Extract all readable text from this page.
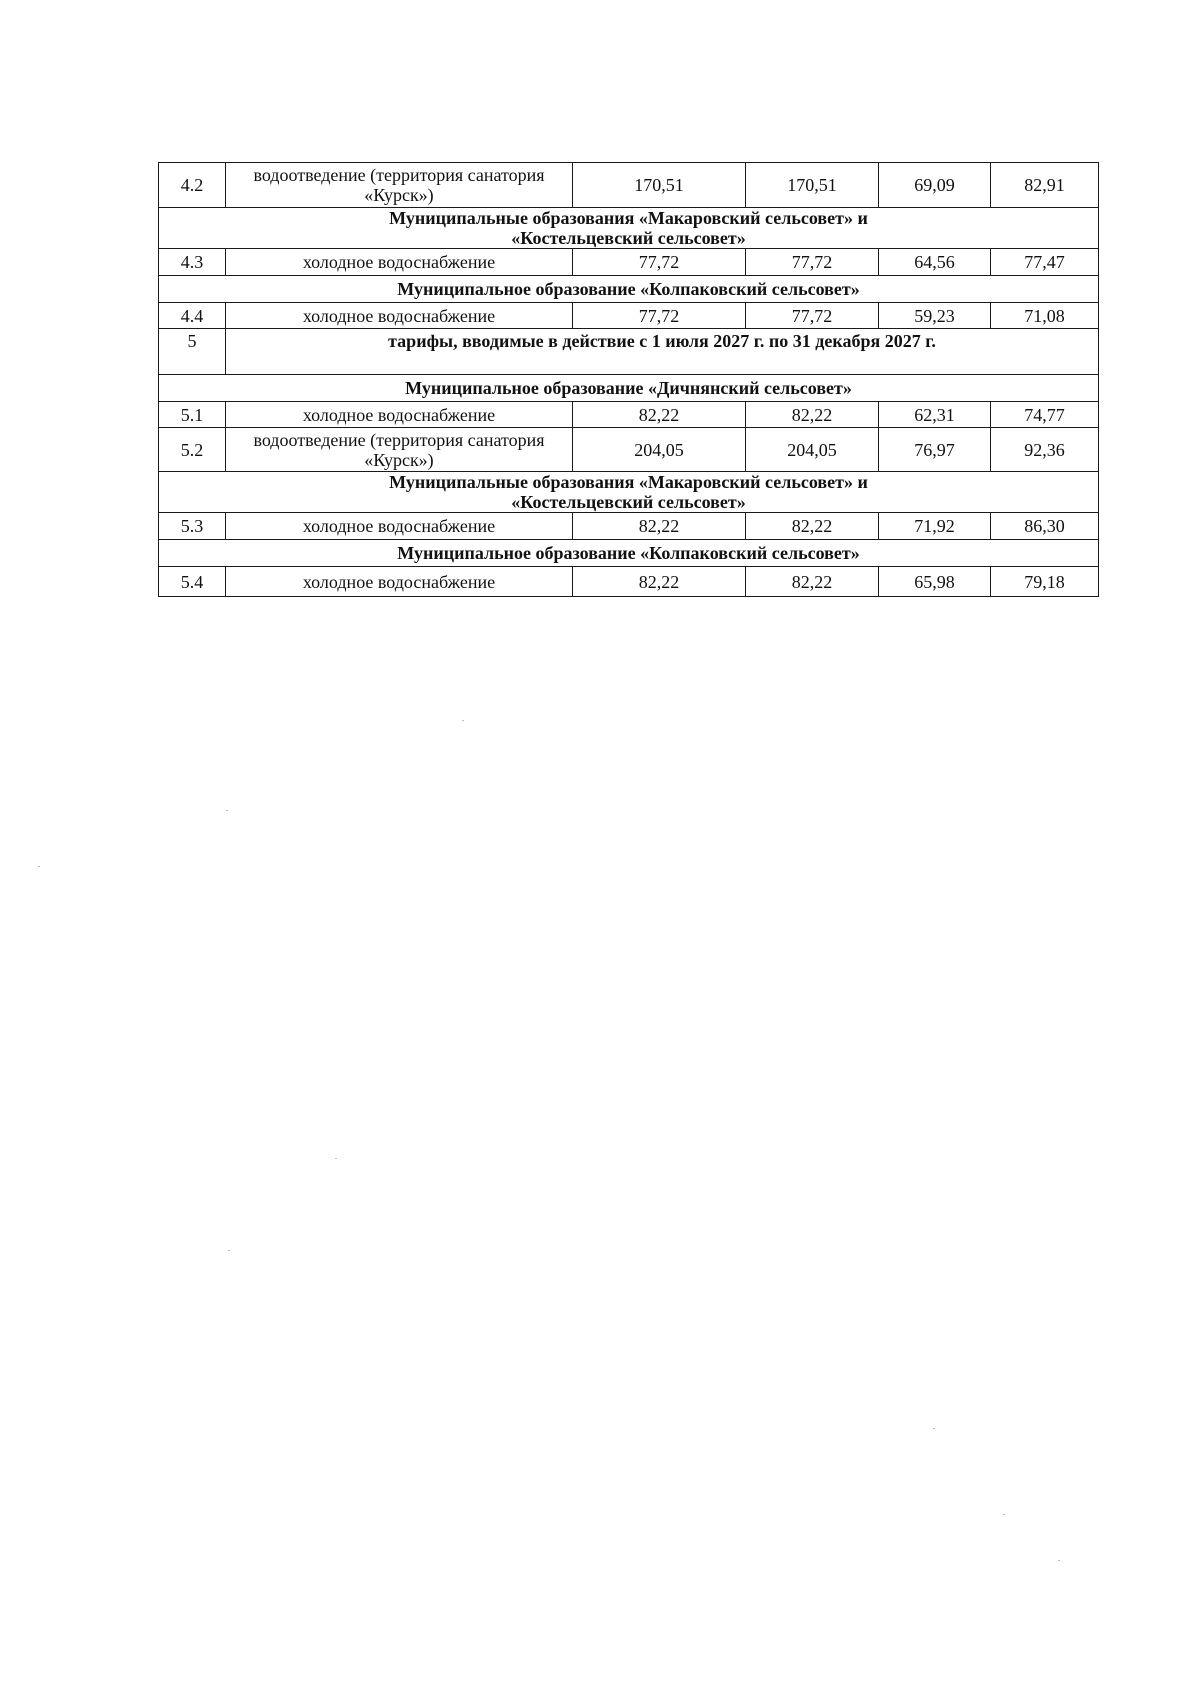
4.2	водоотведение (территория санатория «Курск»)	170,51	170,51	69,09	82,91

Муниципальные образования «Макаровский сельсовет» и
«Костельцевский сельсовет»					

4.3	холодное водоснабжение	77,72	77,72	64,56	77,47

Муниципальное образование «Колпаковский сельсовет»					

4.4	холодное водоснабжение	77,72	77,72	59,23	71,08
5	тарифы, вводимые в действие с 1 июля 2027 г. по 31 декабря 2027 г.				

Муниципальное образование «Дичнянский сельсовет»					

5.1	холодное водоснабжение	82,22	82,22	62,31	74,77
5.2	водоотведение (территория санатория «Курск»)	204,05	204,05	76,97	92,36

Муниципальные образования «Макаровский сельсовет» и
«Костельцевский сельсовет»					

5.3	холодное водоснабжение	82,22	82,22	71,92	86,30

Муниципальное образование «Колпаковский сельсовет»					

5.4	холодное водоснабжение	82,22	82,22	65,98	79,18
